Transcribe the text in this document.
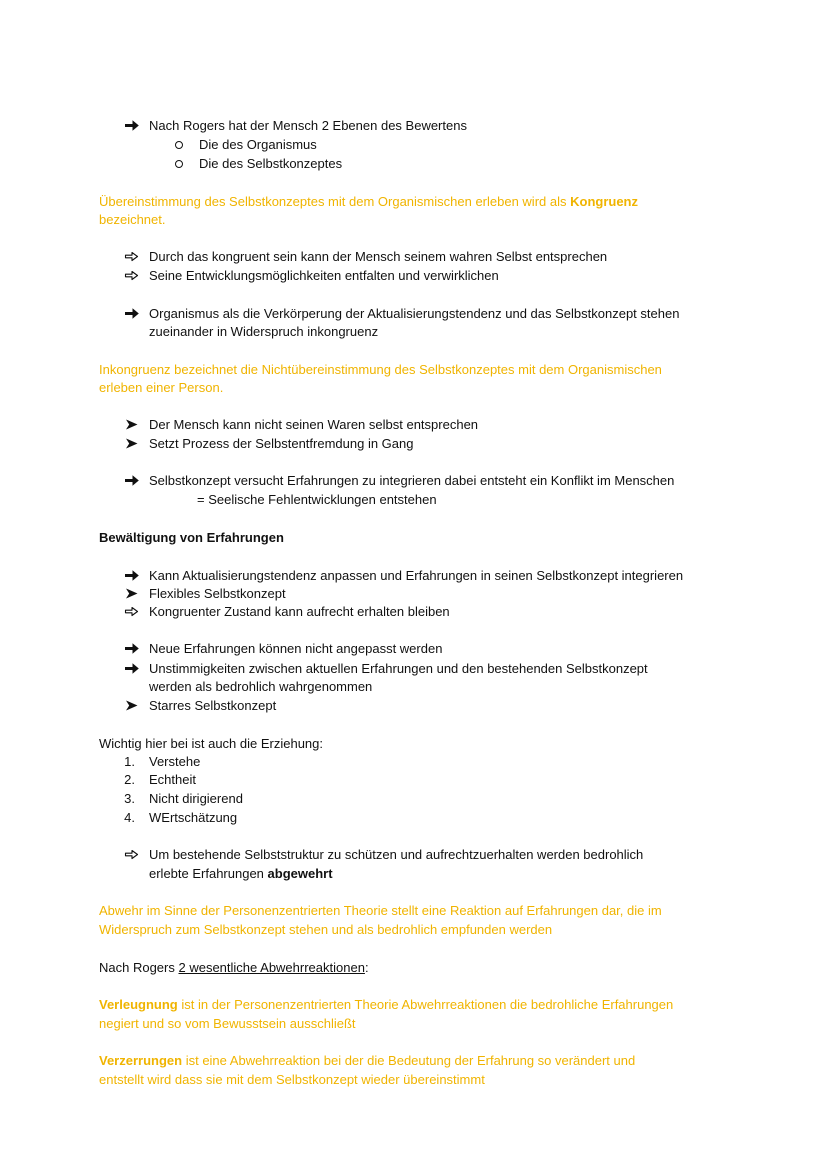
Nach Rogers hat der Mensch 2 Ebenen des Bewertens
Die des Organismus
Die des Selbstkonzeptes
Übereinstimmung des Selbstkonzeptes mit dem Organismischen erleben wird als Kongruenz
bezeichnet.
Durch das kongruent sein kann der Mensch seinem wahren Selbst entsprechen
Seine Entwicklungsmöglichkeiten entfalten und verwirklichen
Organismus als die Verkörperung der Aktualisierungstendenz und das Selbstkonzept stehen
zueinander in Widerspruch inkongruenz
Inkongruenz bezeichnet die Nichtübereinstimmung des Selbstkonzeptes mit dem Organismischen
erleben einer Person.
Der Mensch kann nicht seinen Waren selbst entsprechen
Setzt Prozess der Selbstentfremdung in Gang
Selbstkonzept versucht Erfahrungen zu integrieren dabei entsteht ein Konflikt im Menschen
= Seelische Fehlentwicklungen entstehen
Bewältigung von Erfahrungen
Kann Aktualisierungstendenz anpassen und Erfahrungen in seinen Selbstkonzept integrieren
Flexibles Selbstkonzept
Kongruenter Zustand kann aufrecht erhalten bleiben
Neue Erfahrungen können nicht angepasst werden
Unstimmigkeiten zwischen aktuellen Erfahrungen und den bestehenden Selbstkonzept
werden als bedrohlich wahrgenommen
Starres Selbstkonzept
Wichtig hier bei ist auch die Erziehung:
1. Verstehe
2. Echtheit
3. Nicht dirigierend
4. WErtschätzung
Um bestehende Selbststruktur zu schützen und aufrechtzuerhalten werden bedrohlich
erlebte Erfahrungen abgewehrt
Abwehr im Sinne der Personenzentrierten Theorie stellt eine Reaktion auf Erfahrungen dar, die im
Widerspruch zum Selbstkonzept stehen und als bedrohlich empfunden werden
Nach Rogers 2 wesentliche Abwehrreaktionen:
Verleugnung ist in der Personenzentrierten Theorie Abwehrreaktionen die bedrohliche Erfahrungen
negiert und so vom Bewusstsein ausschließt
Verzerrungen ist eine Abwehrreaktion bei der die Bedeutung der Erfahrung so verändert und
entstellt wird dass sie mit dem Selbstkonzept wieder übereinstimmt
